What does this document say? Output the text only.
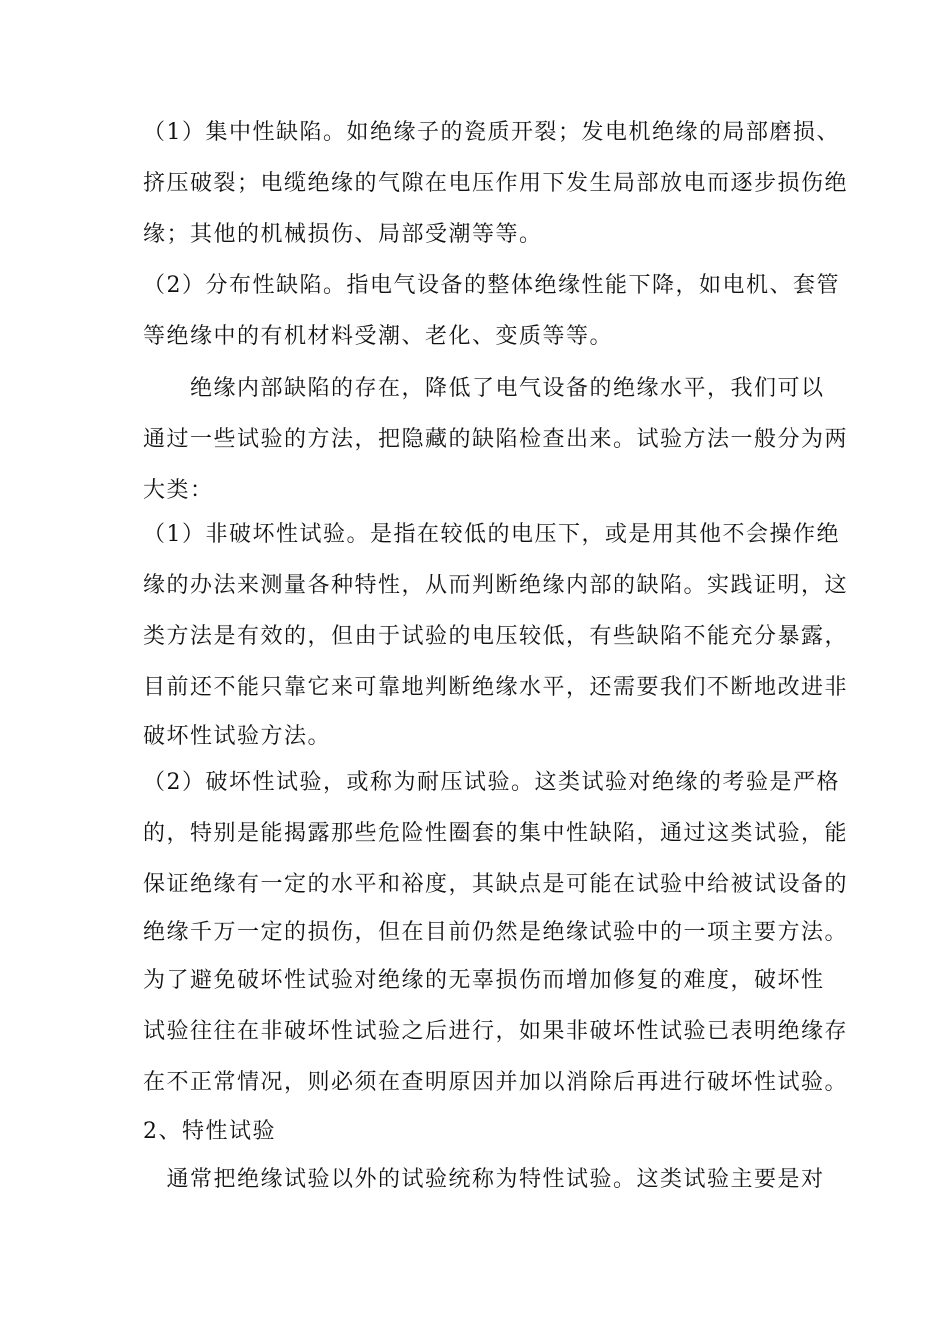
（1）集中性缺陷。如绝缘子的瓷质开裂；发电机绝缘的局部磨损、
挤压破裂；电缆绝缘的气隙在电压作用下发生局部放电而逐步损伤绝
缘；其他的机械损伤、局部受潮等等。
（2）分布性缺陷。指电气设备的整体绝缘性能下降，如电机、套管
等绝缘中的有机材料受潮、老化、变质等等。
　　绝缘内部缺陷的存在，降低了电气设备的绝缘水平，我们可以
通过一些试验的方法，把隐藏的缺陷检查出来。试验方法一般分为两
大类：
（1）非破坏性试验。是指在较低的电压下，或是用其他不会操作绝
缘的办法来测量各种特性，从而判断绝缘内部的缺陷。实践证明，这
类方法是有效的，但由于试验的电压较低，有些缺陷不能充分暴露，
目前还不能只靠它来可靠地判断绝缘水平，还需要我们不断地改进非
破坏性试验方法。
（2）破坏性试验，或称为耐压试验。这类试验对绝缘的考验是严格
的，特别是能揭露那些危险性圈套的集中性缺陷，通过这类试验，能
保证绝缘有一定的水平和裕度，其缺点是可能在试验中给被试设备的
绝缘千万一定的损伤，但在目前仍然是绝缘试验中的一项主要方法。
为了避免破坏性试验对绝缘的无辜损伤而增加修复的难度，破坏性
试验往往在非破坏性试验之后进行，如果非破坏性试验已表明绝缘存
在不正常情况，则必须在查明原因并加以消除后再进行破坏性试验。
2、特性试验
　通常把绝缘试验以外的试验统称为特性试验。这类试验主要是对
